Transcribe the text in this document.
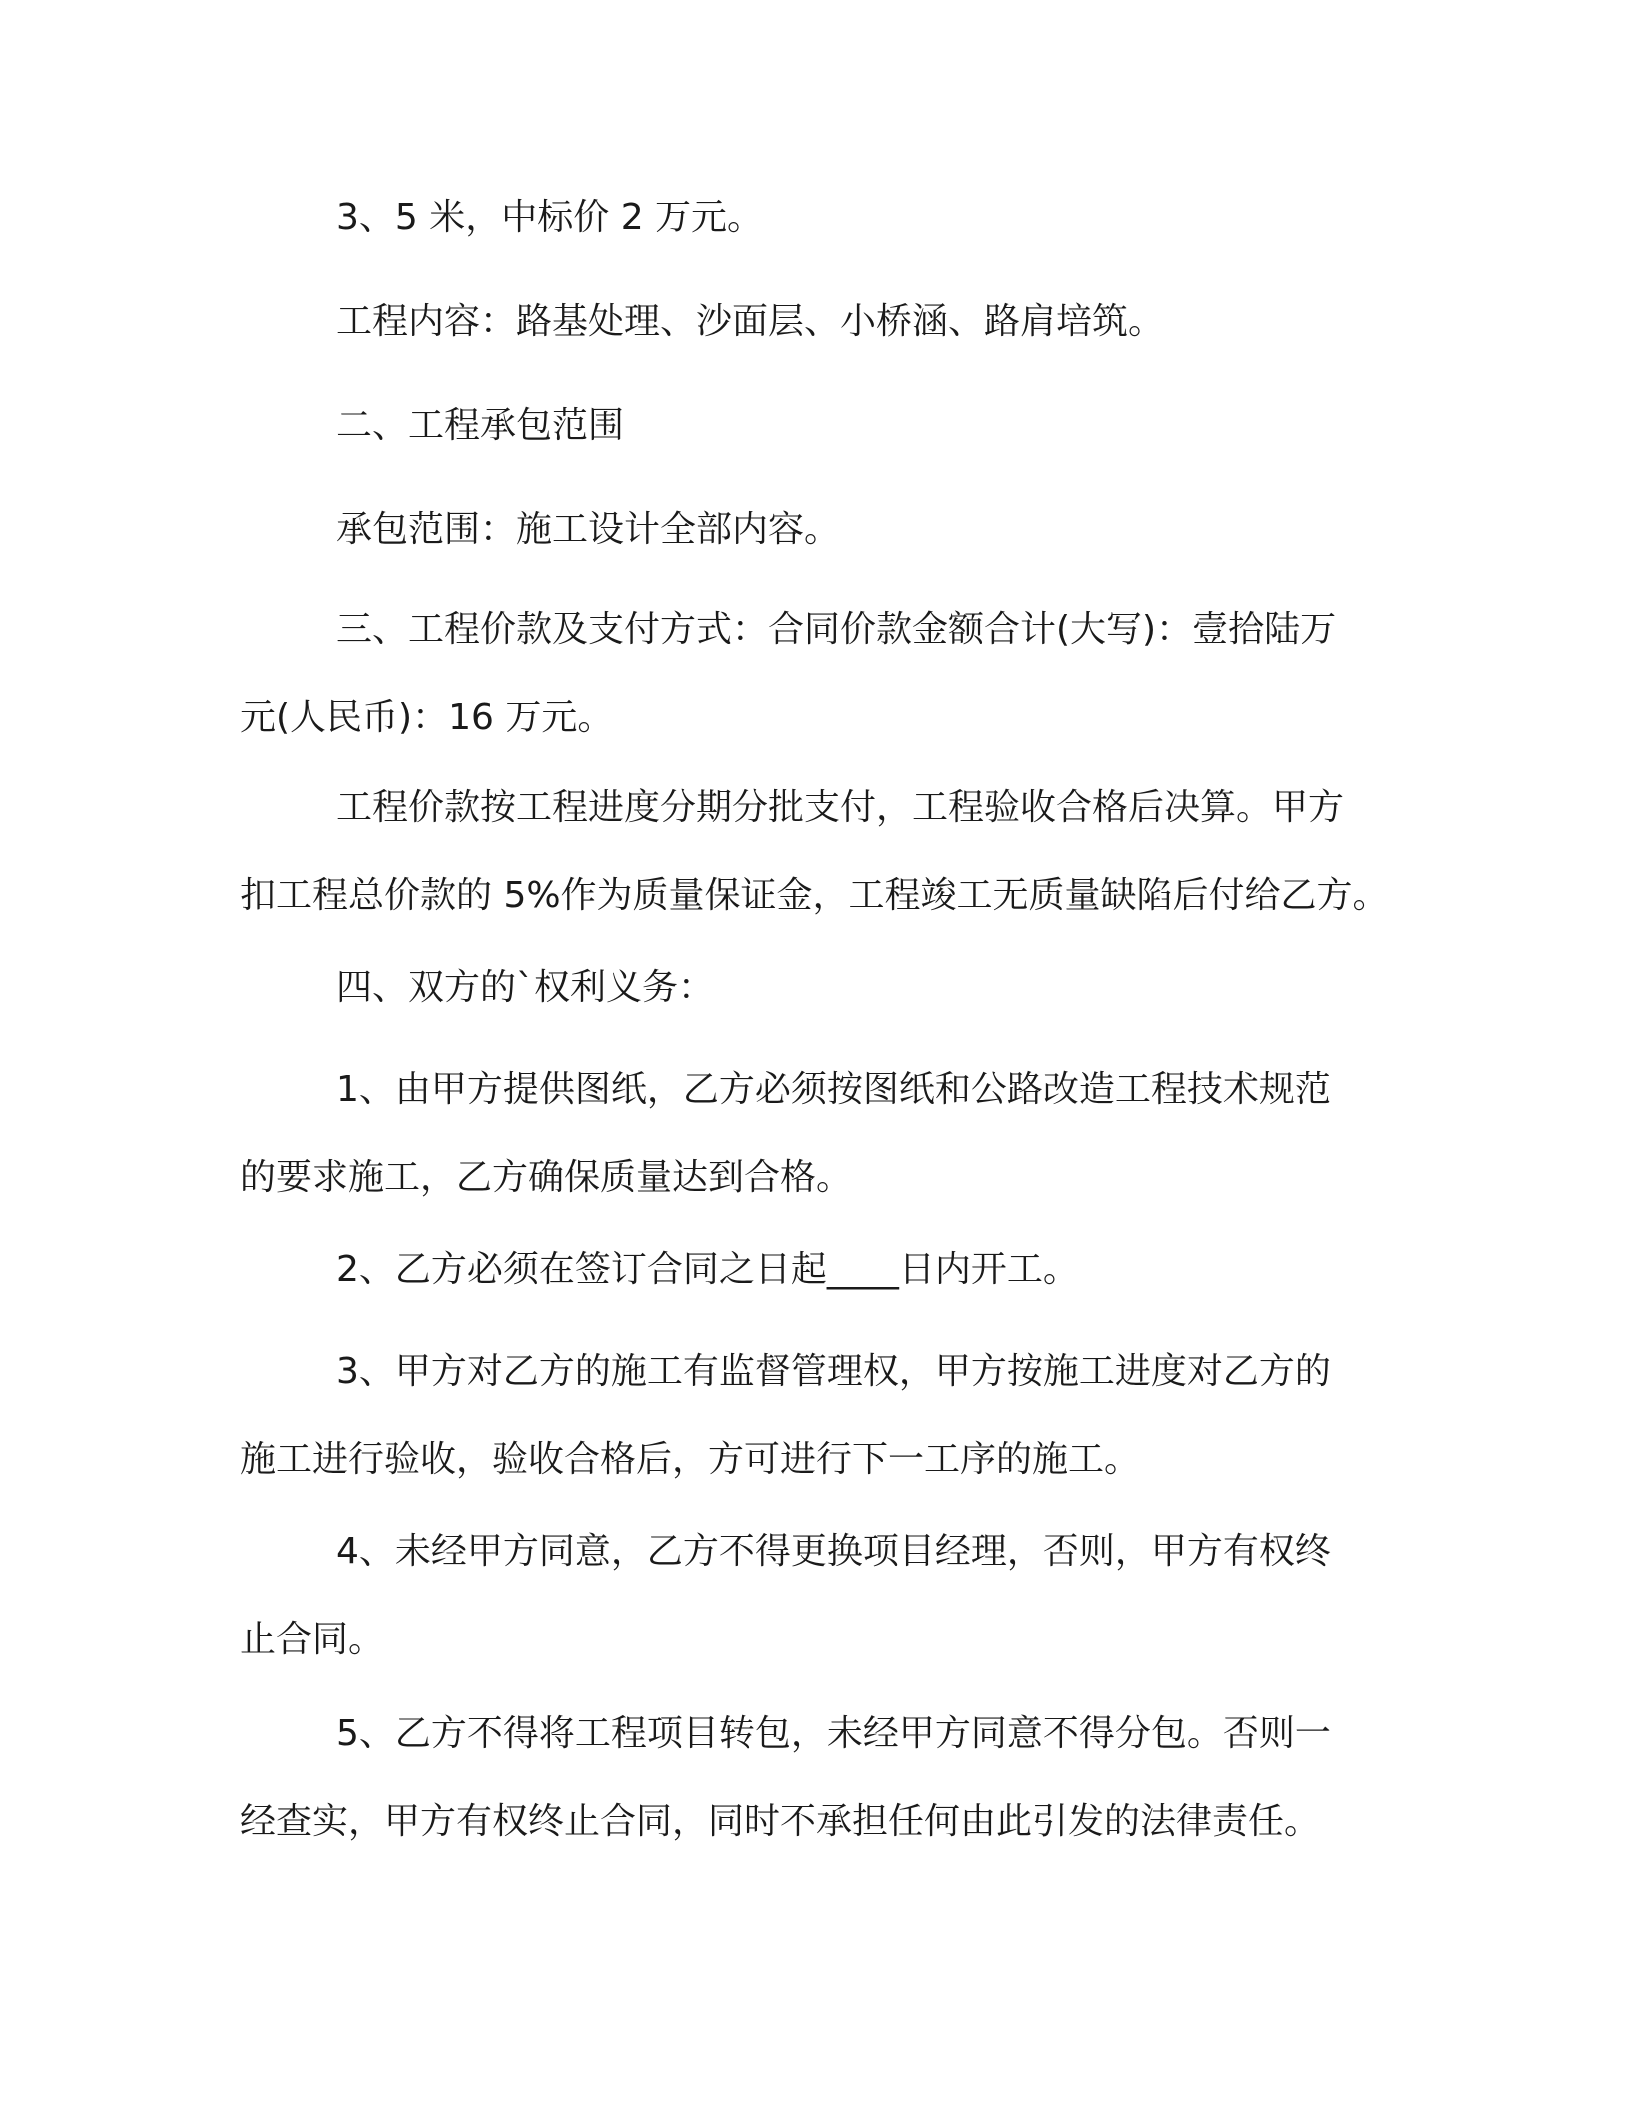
3、5 米，中标价 2 万元。
工程内容：路基处理、沙面层、小桥涵、路肩培筑。
二、工程承包范围
承包范围：施工设计全部内容。
三、工程价款及支付方式：合同价款金额合计(大写)：壹拾陆万
元(人民币)：16 万元。
工程价款按工程进度分期分批支付，工程验收合格后决算。甲方
扣工程总价款的 5%作为质量保证金，工程竣工无质量缺陷后付给乙方。
四、双方的`权利义务：
1、由甲方提供图纸，乙方必须按图纸和公路改造工程技术规范
的要求施工，乙方确保质量达到合格。
2、乙方必须在签订合同之日起____日内开工。
3、甲方对乙方的施工有监督管理权，甲方按施工进度对乙方的
施工进行验收，验收合格后，方可进行下一工序的施工。
4、未经甲方同意，乙方不得更换项目经理，否则，甲方有权终
止合同。
5、乙方不得将工程项目转包，未经甲方同意不得分包。否则一
经查实，甲方有权终止合同，同时不承担任何由此引发的法律责任。
